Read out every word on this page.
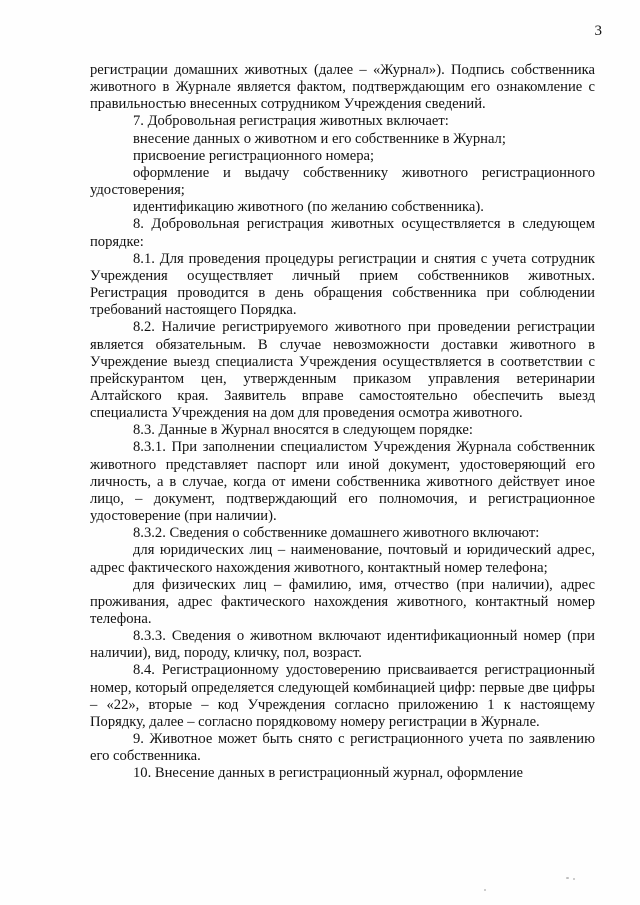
3

регистрации домашних животных (далее – «Журнал»). Подпись собственника животного в Журнале является фактом, подтверждающим его ознакомление с правильностью внесенных сотрудником Учреждения сведений.

7. Добровольная регистрация животных включает:

внесение данных о животном и его собственнике в Журнал;

присвоение регистрационного номера;

оформление и выдачу собственнику животного регистрационного удостоверения;

идентификацию животного (по желанию собственника).

8. Добровольная регистрация животных осуществляется в следующем порядке:

8.1. Для проведения процедуры регистрации и снятия с учета сотрудник Учреждения осуществляет личный прием собственников животных. Регистрация проводится в день обращения собственника при соблюдении требований настоящего Порядка.

8.2. Наличие регистрируемого животного при проведении регистрации является обязательным. В случае невозможности доставки животного в Учреждение выезд специалиста Учреждения осуществляется в соответствии с прейскурантом цен, утвержденным приказом управления ветеринарии Алтайского края. Заявитель вправе самостоятельно обеспечить выезд специалиста Учреждения на дом для проведения осмотра животного.

8.3. Данные в Журнал вносятся в следующем порядке:

8.3.1. При заполнении специалистом Учреждения Журнала собственник животного представляет паспорт или иной документ, удостоверяющий его личность, а в случае, когда от имени собственника животного действует иное лицо, – документ, подтверждающий его полномочия, и регистрационное удостоверение (при наличии).

8.3.2. Сведения о собственнике домашнего животного включают:

для юридических лиц – наименование, почтовый и юридический адрес, адрес фактического нахождения животного, контактный номер телефона;

для физических лиц – фамилию, имя, отчество (при наличии), адрес проживания, адрес фактического нахождения животного, контактный номер телефона.

8.3.3. Сведения о животном включают идентификационный номер (при наличии), вид, породу, кличку, пол, возраст.

8.4. Регистрационному удостоверению присваивается регистрационный номер, который определяется следующей комбинацией цифр: первые две цифры – «22», вторые – код Учреждения согласно приложению 1 к настоящему Порядку, далее – согласно порядковому номеру регистрации в Журнале.

9. Животное может быть снято с регистрационного учета по заявлению его собственника.

10. Внесение данных в регистрационный журнал, оформление
